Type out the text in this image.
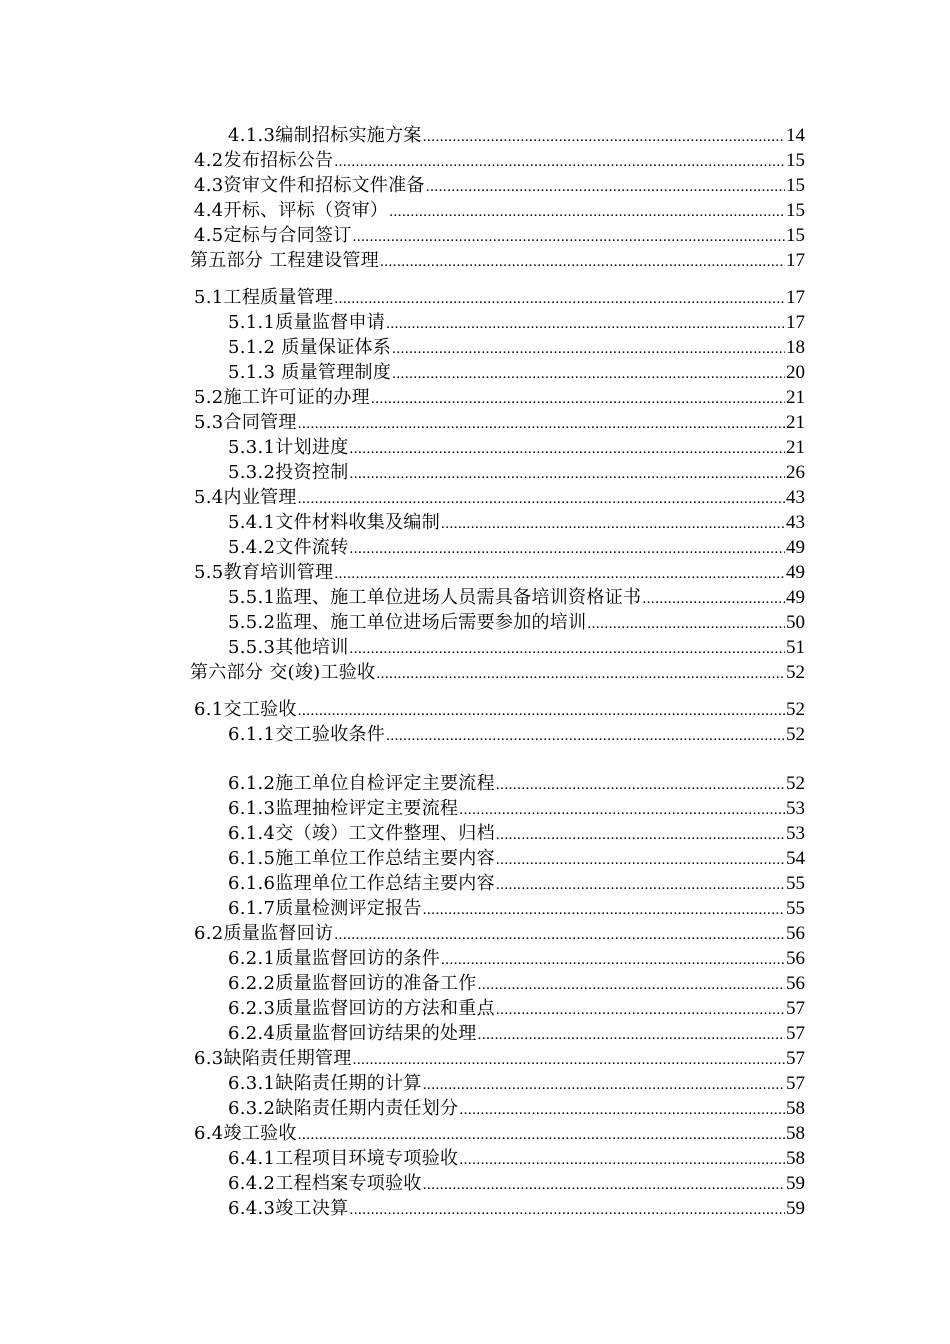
4.1.3编制招标实施方案 .....	14
4.2发布招标公告 .....	15
4.3资审文件和招标文件准备 .....	15
4.4开标、评标（资审） .....	15
4.5定标与合同签订 .....	15
第五部分 工程建设管理 .....	17
5.1工程质量管理 .....	17
5.1.1质量监督申请 .....	17
5.1.2 质量保证体系 .....	18
5.1.3 质量管理制度 .....	20
5.2施工许可证的办理 .....	21
5.3合同管理 .....	21
5.3.1计划进度 .....	21
5.3.2投资控制 .....	26
5.4内业管理 .....	43
5.4.1文件材料收集及编制 .....	43
5.4.2文件流转 .....	49
5.5教育培训管理 .....	49
5.5.1监理、施工单位进场人员需具备培训资格证书 .....	49
5.5.2监理、施工单位进场后需要参加的培训 .....	50
5.5.3其他培训 .....	51
第六部分 交(竣)工验收 .....	52
6.1交工验收 .....	52
6.1.1交工验收条件 .....	52
6.1.2施工单位自检评定主要流程 .....	52
6.1.3监理抽检评定主要流程 .....	53
6.1.4交（竣）工文件整理、归档 .....	53
6.1.5施工单位工作总结主要内容 .....	54
6.1.6监理单位工作总结主要内容 .....	55
6.1.7质量检测评定报告 .....	55
6.2质量监督回访 .....	56
6.2.1质量监督回访的条件 .....	56
6.2.2质量监督回访的准备工作 .....	56
6.2.3质量监督回访的方法和重点 .....	57
6.2.4质量监督回访结果的处理 .....	57
6.3缺陷责任期管理 .....	57
6.3.1缺陷责任期的计算 .....	57
6.3.2缺陷责任期内责任划分 .....	58
6.4竣工验收 .....	58
6.4.1工程项目环境专项验收 .....	58
6.4.2工程档案专项验收 .....	59
6.4.3竣工决算 .....	59
